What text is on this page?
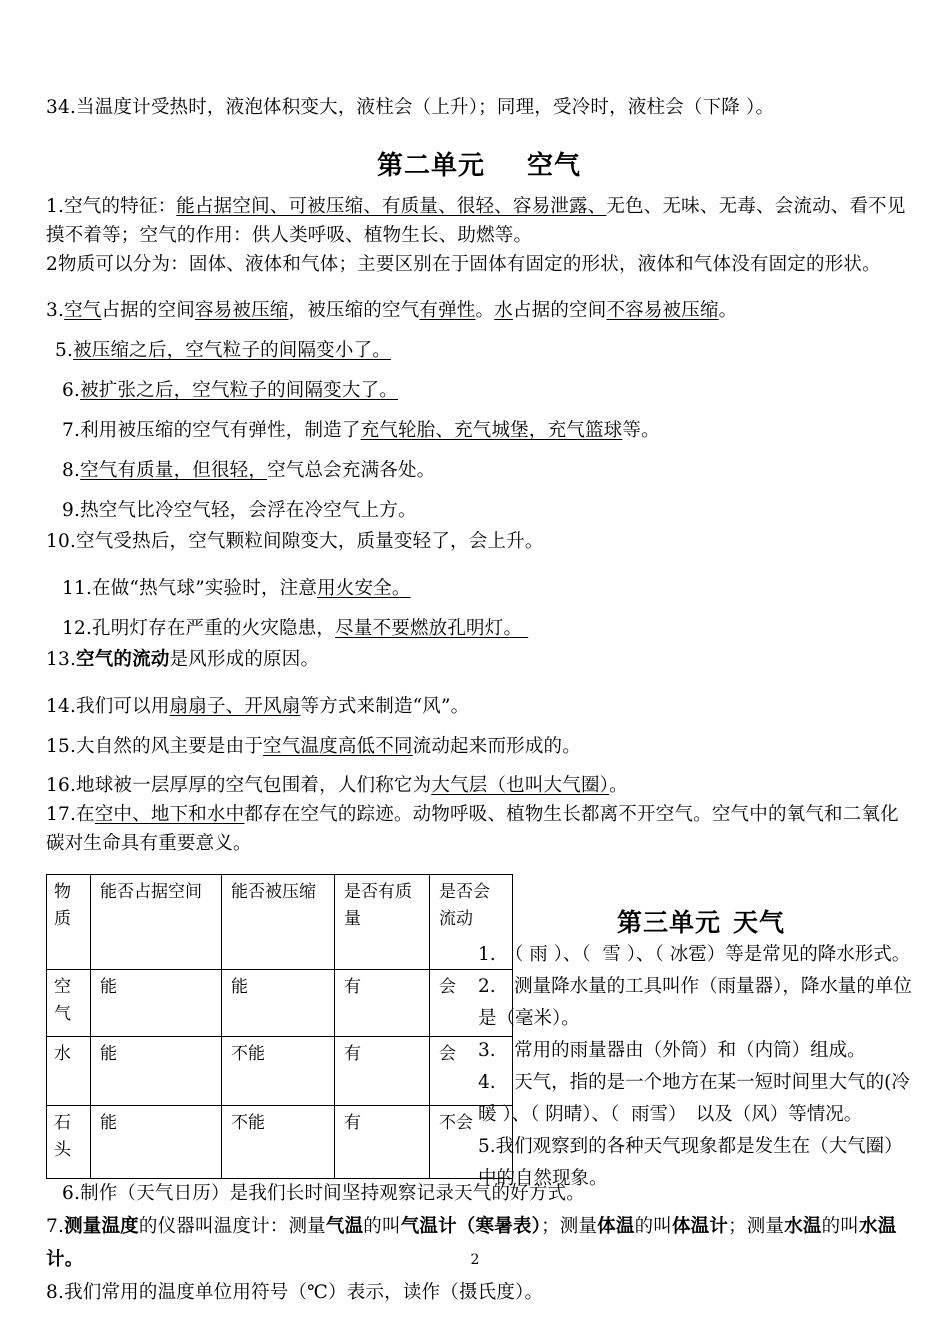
34.当温度计受热时，液泡体积变大，液柱会（上升）；同理，受冷时，液柱会（下降 ）。
第二单元 空气
1.空气的特征：能占据空间、可被压缩、有质量、很轻、容易泄露、无色、无味、无毒、会流动、看不见摸不着等；空气的作用：供人类呼吸、植物生长、助燃等。
2物质可以分为：固体、液体和气体；主要区别在于固体有固定的形状，液体和气体没有固定的形状。
3.空气占据的空间容易被压缩，被压缩的空气有弹性。水占据的空间不容易被压缩。
5.被压缩之后，空气粒子的间隔变小了。
6.被扩张之后，空气粒子的间隔变大了。
7.利用被压缩的空气有弹性，制造了充气轮胎、充气城堡，充气篮球等。
8.空气有质量，但很轻，空气总会充满各处。
9.热空气比冷空气轻，会浮在冷空气上方。
10.空气受热后，空气颗粒间隙变大，质量变轻了，会上升。
11.在做“热气球”实验时，注意用火安全。
12.孔明灯存在严重的火灾隐患，尽量不要燃放孔明灯。
13.空气的流动是风形成的原因。
14.我们可以用扇扇子、开风扇等方式来制造“风”。
15.大自然的风主要是由于空气温度高低不同流动起来而形成的。
16.地球被一层厚厚的空气包围着，人们称它为大气层（也叫大气圈）。
17.在空中、地下和水中都存在空气的踪迹。动物呼吸、植物生长都离不开空气。空气中的氧气和二氧化碳对生命具有重要意义。
物质	能否占据空间	能否被压缩	是否有质量	是否会流动
空气	能	能	有	会
水	能	不能	有	会
石头	能	不能	有	不会
第三单元 天气
1.　（ 雨 ）、（  雪 ）、（ 冰雹）等是常见的降水形式。
2.　测量降水量的工具叫作（雨量器），降水量的单位是（毫米）。
3.　常用的雨量器由（外筒）和（内筒）组成。
4.　天气，指的是一个地方在某一短时间里大气的(冷暖 ）、（ 阴晴）、（  雨雪）　以及（风）等情况。
5.我们观察到的各种天气现象都是发生在（大气圈）中的自然现象。
6.制作（天气日历）是我们长时间坚持观察记录天气的好方式。
7.测量温度的仪器叫温度计：测量气温的叫气温计（寒暑表）；测量体温的叫体温计；测量水温的叫水温计。
8.我们常用的温度单位用符号（℃）表示，读作（摄氏度）。
2
